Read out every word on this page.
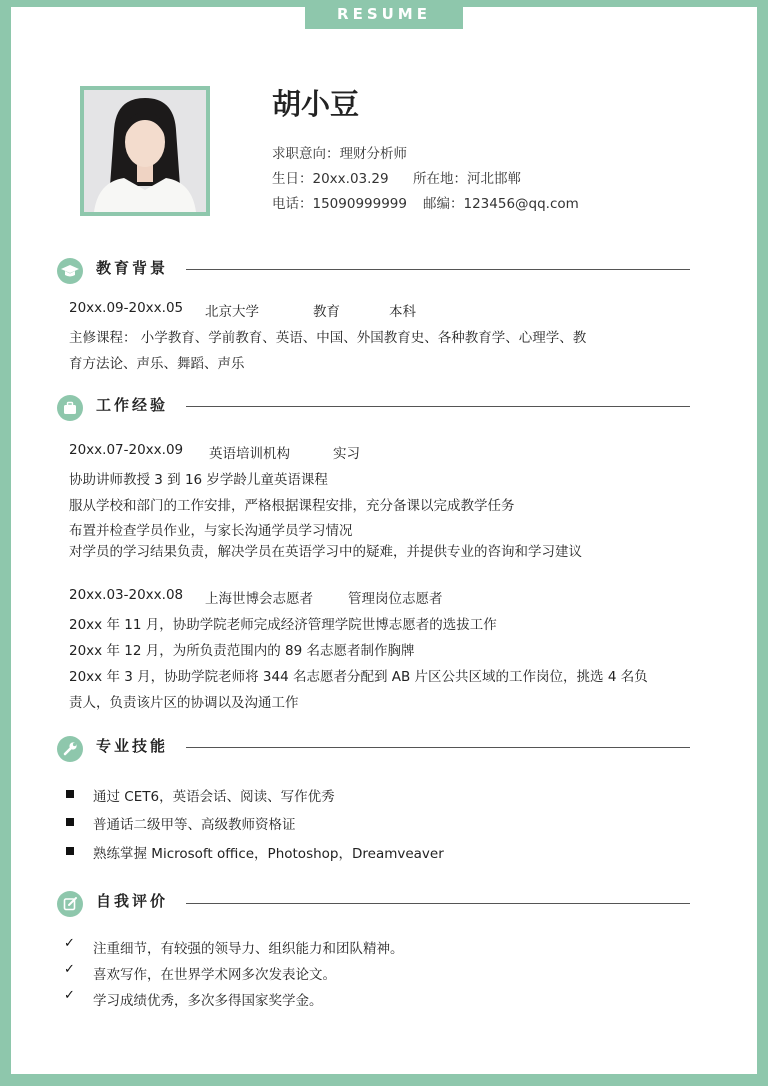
RESUME
胡小豆
求职意向：理财分析师
生日：20xx.03.29 所在地：河北邯郸
电话：15090999999 邮编：123456@qq.com
教育背景
20xx.09-20xx.05 北京大学	教育	本科
主修课程： 小学教育、学前教育、英语、中国、外国教育史、各种教育学、心理学、教
育方法论、声乐、舞蹈、声乐
工作经验
20xx.07-20xx.09 英语培训机构	实习
协助讲师教授 3 到 16 岁学龄儿童英语课程
服从学校和部门的工作安排，严格根据课程安排，充分备课以完成教学任务
布置并检查学员作业，与家长沟通学员学习情况
对学员的学习结果负责，解决学员在英语学习中的疑难，并提供专业的咨询和学习建议
20xx.03-20xx.08 上海世博会志愿者	管理岗位志愿者
20xx 年 11 月，协助学院老师完成经济管理学院世博志愿者的选拔工作
20xx 年 12 月，为所负责范围内的 89 名志愿者制作胸牌
20xx 年 3 月，协助学院老师将 344 名志愿者分配到 AB 片区公共区域的工作岗位，挑选 4 名负
责人，负责该片区的协调以及沟通工作
专业技能
通过 CET6，英语会话、阅读、写作优秀
普通话二级甲等、高级教师资格证
熟练掌握 Microsoft office，Photoshop，Dreamveaver
自我评价
✓ 注重细节，有较强的领导力、组织能力和团队精神。
✓ 喜欢写作，在世界学术网多次发表论文。
✓ 学习成绩优秀，多次多得国家奖学金。
